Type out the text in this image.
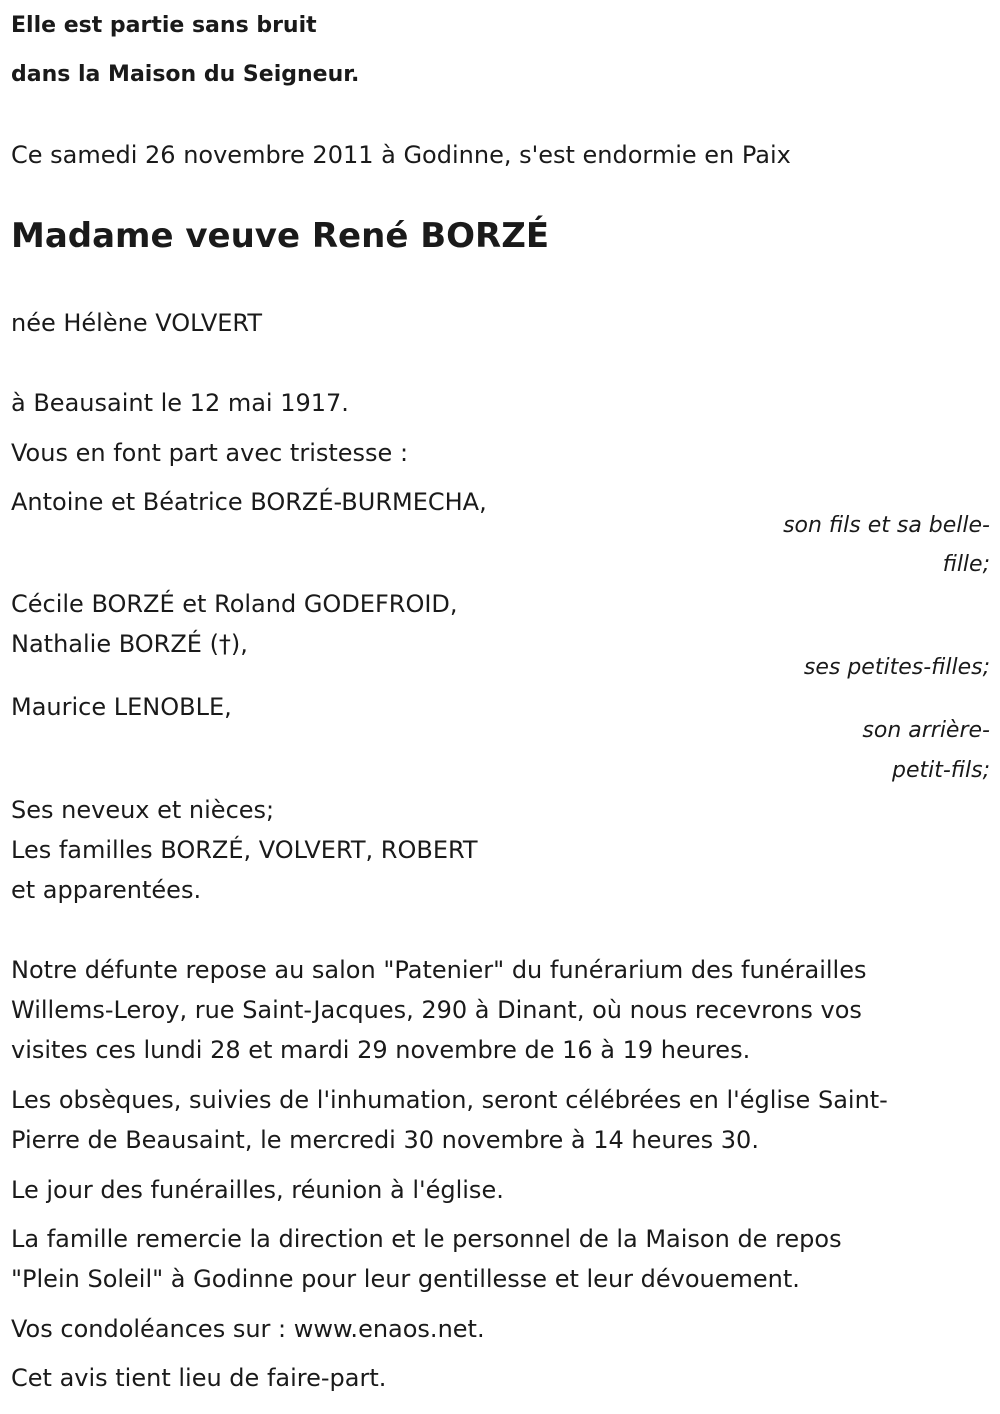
Elle est partie sans bruit
dans la Maison du Seigneur.
Ce samedi 26 novembre 2011 à Godinne, s'est endormie en Paix
Madame veuve René BORZÉ
née Hélène VOLVERT
à Beausaint le 12 mai 1917.
Vous en font part avec tristesse :
Antoine et Béatrice BORZÉ-BURMECHA,
son fils et sa belle-
fille;
Cécile BORZÉ et Roland GODEFROID,
Nathalie BORZÉ (†),
ses petites-filles;
Maurice LENOBLE,
son arrière-
petit-fils;
Ses neveux et nièces;
Les familles BORZÉ, VOLVERT, ROBERT
et apparentées.
Notre défunte repose au salon "Patenier" du funérarium des funérailles
Willems-Leroy, rue Saint-Jacques, 290 à Dinant, où nous recevrons vos
visites ces lundi 28 et mardi 29 novembre de 16 à 19 heures.
Les obsèques, suivies de l'inhumation, seront célébrées en l'église Saint-
Pierre de Beausaint, le mercredi 30 novembre à 14 heures 30.
Le jour des funérailles, réunion à l'église.
La famille remercie la direction et le personnel de la Maison de repos
"Plein Soleil" à Godinne pour leur gentillesse et leur dévouement.
Vos condoléances sur : www.enaos.net.
Cet avis tient lieu de faire-part.
